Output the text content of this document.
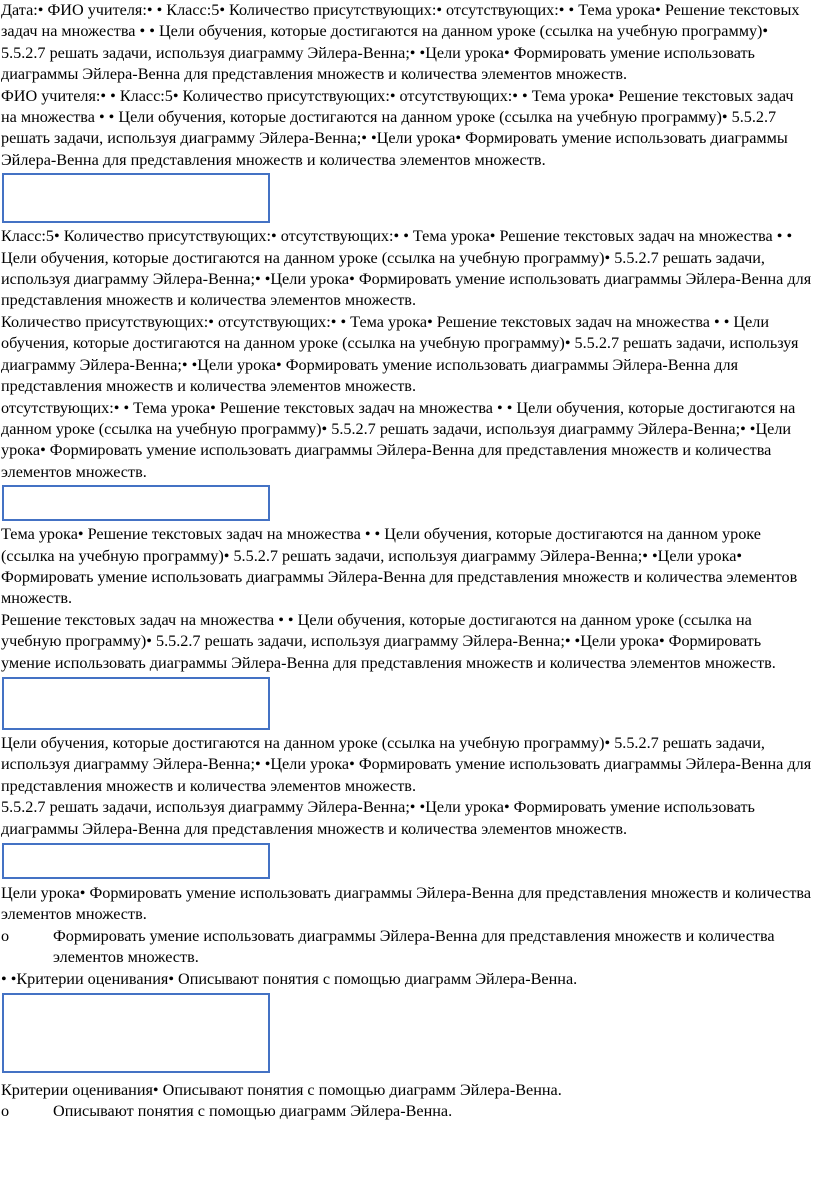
Дата:• ФИО учителя:• • Класс:5• Количество присутствующих:• отсутствующих:• • Тема урока• Решение текстовых задач на множества • • Цели обучения, которые достигаются на данном уроке (ссылка на учебную программу)• 5.5.2.7 решать задачи, используя диаграмму Эйлера-Венна;• •Цели урока• Формировать умение использовать диаграммы Эйлера-Венна для представления множеств и количества элементов множеств.

ФИО учителя:• • Класс:5• Количество присутствующих:• отсутствующих:• • Тема урока• Решение текстовых задач на множества • • Цели обучения, которые достигаются на данном уроке (ссылка на учебную программу)• 5.5.2.7 решать задачи, используя диаграмму Эйлера-Венна;• •Цели урока• Формировать умение использовать диаграммы Эйлера-Венна для представления множеств и количества элементов множеств.

Класс:5• Количество присутствующих:• отсутствующих:• • Тема урока• Решение текстовых задач на множества • • Цели обучения, которые достигаются на данном уроке (ссылка на учебную программу)• 5.5.2.7 решать задачи, используя диаграмму Эйлера-Венна;• •Цели урока• Формировать умение использовать диаграммы Эйлера-Венна для представления множеств и количества элементов множеств.

Количество присутствующих:• отсутствующих:• • Тема урока• Решение текстовых задач на множества • • Цели обучения, которые достигаются на данном уроке (ссылка на учебную программу)• 5.5.2.7 решать задачи, используя диаграмму Эйлера-Венна;• •Цели урока• Формировать умение использовать диаграммы Эйлера-Венна для представления множеств и количества элементов множеств.

отсутствующих:• • Тема урока• Решение текстовых задач на множества • • Цели обучения, которые достигаются на данном уроке (ссылка на учебную программу)• 5.5.2.7 решать задачи, используя диаграмму Эйлера-Венна;• •Цели урока• Формировать умение использовать диаграммы Эйлера-Венна для представления множеств и количества элементов множеств.

Тема урока• Решение текстовых задач на множества • • Цели обучения, которые достигаются на данном уроке (ссылка на учебную программу)• 5.5.2.7 решать задачи, используя диаграмму Эйлера-Венна;• •Цели урока• Формировать умение использовать диаграммы Эйлера-Венна для представления множеств и количества элементов множеств.

Решение текстовых задач на множества • • Цели обучения, которые достигаются на данном уроке (ссылка на учебную программу)• 5.5.2.7 решать задачи, используя диаграмму Эйлера-Венна;• •Цели урока• Формировать умение использовать диаграммы Эйлера-Венна для представления множеств и количества элементов множеств.

Цели обучения, которые достигаются на данном уроке (ссылка на учебную программу)• 5.5.2.7 решать задачи, используя диаграмму Эйлера-Венна;• •Цели урока• Формировать умение использовать диаграммы Эйлера-Венна для представления множеств и количества элементов множеств.

5.5.2.7 решать задачи, используя диаграмму Эйлера-Венна;• •Цели урока• Формировать умение использовать диаграммы Эйлера-Венна для представления множеств и количества элементов множеств.

Цели урока• Формировать умение использовать диаграммы Эйлера-Венна для представления множеств и количества элементов множеств.

o	Формировать умение использовать диаграммы Эйлера-Венна для представления множеств и количества элементов множеств.

• •Критерии оценивания• Описывают понятия с помощью диаграмм Эйлера-Венна.

Критерии оценивания• Описывают понятия с помощью диаграмм Эйлера-Венна.

o	Описывают понятия с помощью диаграмм Эйлера-Венна.
